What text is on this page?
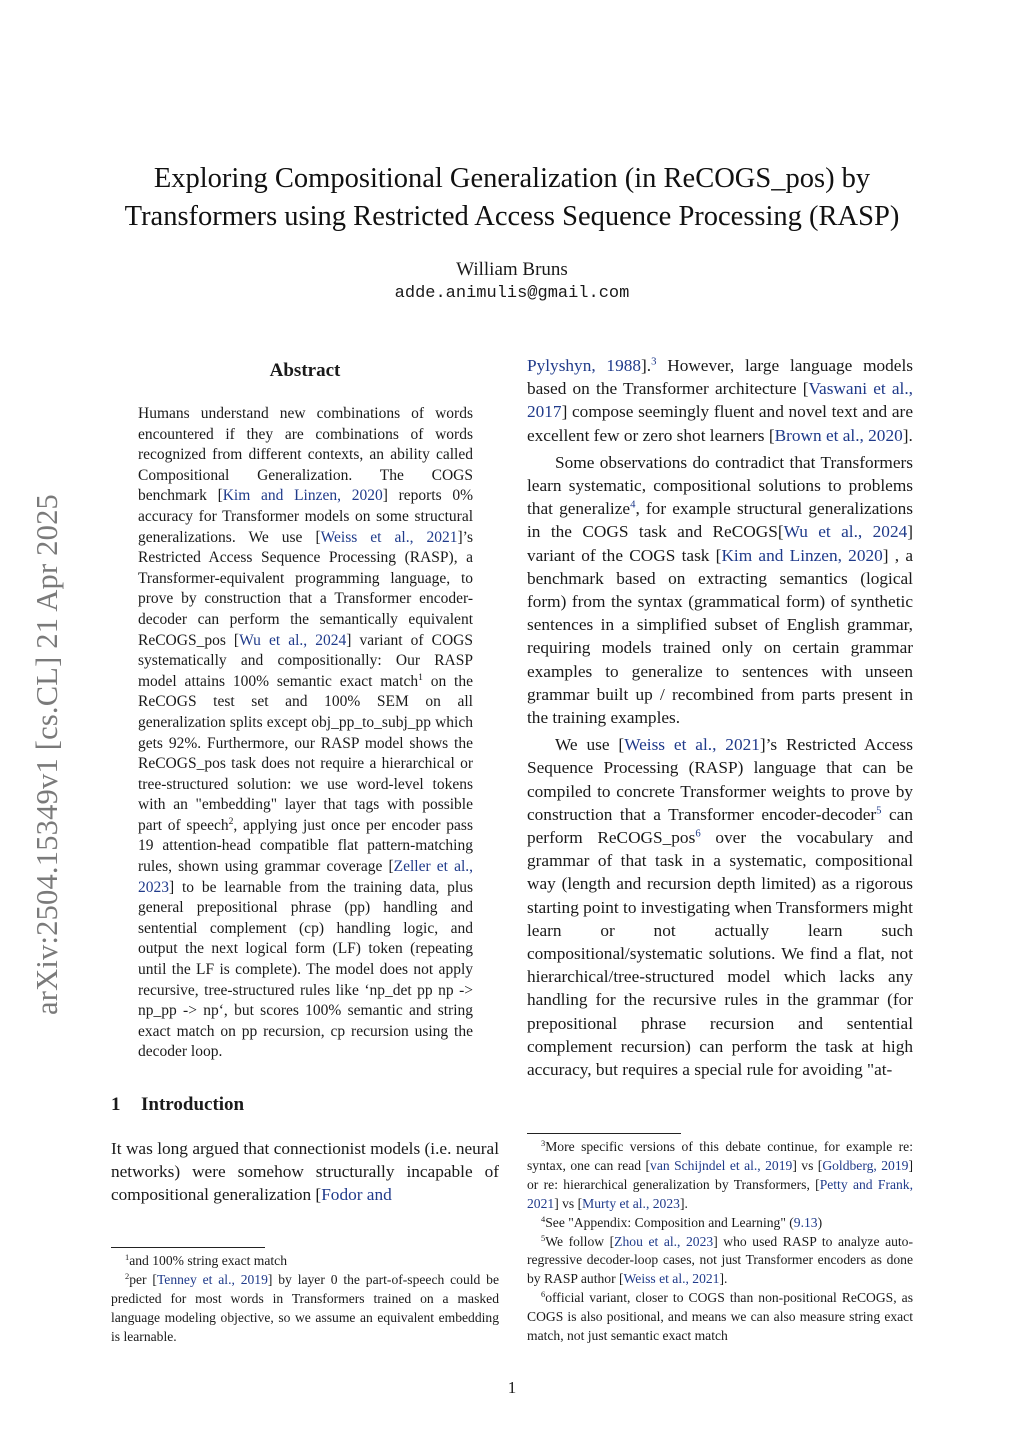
arXiv:2504.15349v1 [cs.CL] 21 Apr 2025
Exploring Compositional Generalization (in ReCOGS_pos) by
Transformers using Restricted Access Sequence Processing (RASP)
William Bruns
adde.animulis@gmail.com
Abstract

Humans understand new combinations of words encountered if they are combinations of words recognized from different contexts, an ability called Compositional Generalization. The COGS benchmark [Kim and Linzen, 2020] reports 0% accuracy for Transformer models on some structural generalizations. We use [Weiss et al., 2021]’s Restricted Access Sequence Processing (RASP), a Transformer-equivalent programming language, to prove by construction that a Transformer encoder-decoder can perform the semantically equivalent ReCOGS_pos [Wu et al., 2024] variant of COGS systematically and compositionally: Our RASP model attains 100% semantic exact match$^1$ on the ReCOGS test set and 100% SEM on all generalization splits except obj_pp_to_subj_pp which gets 92%. Furthermore, our RASP model shows the ReCOGS_pos task does not require a hierarchical or tree-structured solution: we use word-level tokens with an "embedding" layer that tags with possible part of speech$^2$, applying just once per encoder pass 19 attention-head compatible flat pattern-matching rules, shown using grammar coverage [Zeller et al., 2023] to be learnable from the training data, plus general prepositional phrase (pp) handling and sentential complement (cp) handling logic, and output the next logical form (LF) token (repeating until the LF is complete). The model does not apply recursive, tree-structured rules like ‘np_det pp np -> np_pp -> np‘, but scores 100% semantic and string exact match on pp recursion, cp recursion using the decoder loop.

1 Introduction

It was long argued that connectionist models (i.e. neural networks) were somehow structurally incapable of compositional generalization [Fodor and

$^1$and 100% string exact match

$^2$per [Tenney et al., 2019] by layer 0 the part-of-speech could be predicted for most words in Transformers trained on a masked language modeling objective, so we assume an equivalent embedding is learnable.

Pylyshyn, 1988].$^3$ However, large language models based on the Transformer architecture [Vaswani et al., 2017] compose seemingly fluent and novel text and are excellent few or zero shot learners [Brown et al., 2020].

Some observations do contradict that Transformers learn systematic, compositional solutions to problems that generalize$^4$, for example structural generalizations in the COGS task and ReCOGS[Wu et al., 2024] variant of the COGS task [Kim and Linzen, 2020] , a benchmark based on extracting semantics (logical form) from the syntax (grammatical form) of synthetic sentences in a simplified subset of English grammar, requiring models trained only on certain grammar examples to generalize to sentences with unseen grammar built up / recombined from parts present in the training examples.

We use [Weiss et al., 2021]’s Restricted Access Sequence Processing (RASP) language that can be compiled to concrete Transformer weights to prove by construction that a Transformer encoder-decoder$^5$ can perform ReCOGS_pos$^6$ over the vocabulary and grammar of that task in a systematic, compositional way (length and recursion depth limited) as a rigorous starting point to investigating when Transformers might learn or not actually learn such compositional/systematic solutions. We find a flat, not hierarchical/tree-structured model which lacks any handling for the recursive rules in the grammar (for prepositional phrase recursion and sentential complement recursion) can perform the task at high accuracy, but requires a special rule for avoiding "at-

$^3$More specific versions of this debate continue, for example re: syntax, one can read [van Schijndel et al., 2019] vs [Goldberg, 2019] or re: hierarchical generalization by Transformers, [Petty and Frank, 2021] vs [Murty et al., 2023].

$^4$See "Appendix: Composition and Learning" (9.13)

$^5$We follow [Zhou et al., 2023] who used RASP to analyze auto-regressive decoder-loop cases, not just Transformer encoders as done by RASP author [Weiss et al., 2021].

$^6$official variant, closer to COGS than non-positional ReCOGS, as COGS is also positional, and means we can also measure string exact match, not just semantic exact match

1
